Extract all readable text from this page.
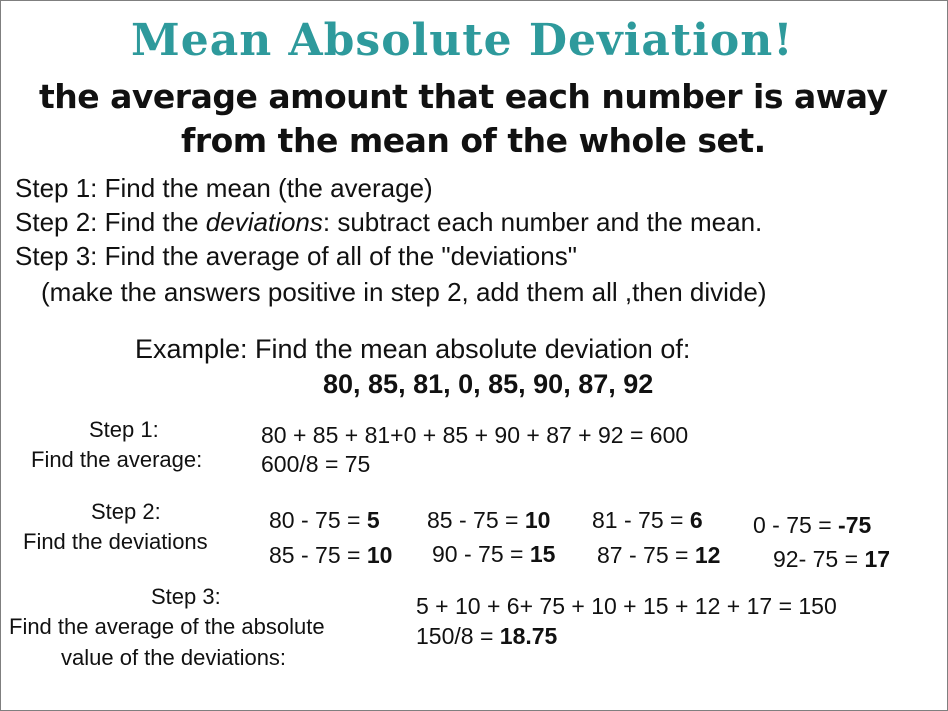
Mean Absolute Deviation!
the average amount that each number is away
from the mean of the whole set.
Step 1: Find the mean (the average)
Step 2: Find the deviations: subtract each number and the mean.
Step 3: Find the average of all of the "deviations"
(make the answers positive in step 2, add them all ,then divide)
Example: Find the mean absolute deviation of:
80, 85, 81, 0, 85, 90, 87, 92
Step 1:
Find the average:
80 + 85 + 81+0 + 85 + 90 + 87 + 92 = 600
600/8 = 75
Step 2:
Find the deviations
80 - 75 = 5 85 - 75 = 10 81 - 75 = 6 0 - 75 = -75
85 - 75 = 10 90 - 75 = 15 87 - 75 = 12 92- 75 = 17
Step 3:
Find the average of the absolute
value of the deviations:
5 + 10 + 6+ 75 + 10 + 15 + 12 + 17 = 150
150/8 = 18.75
